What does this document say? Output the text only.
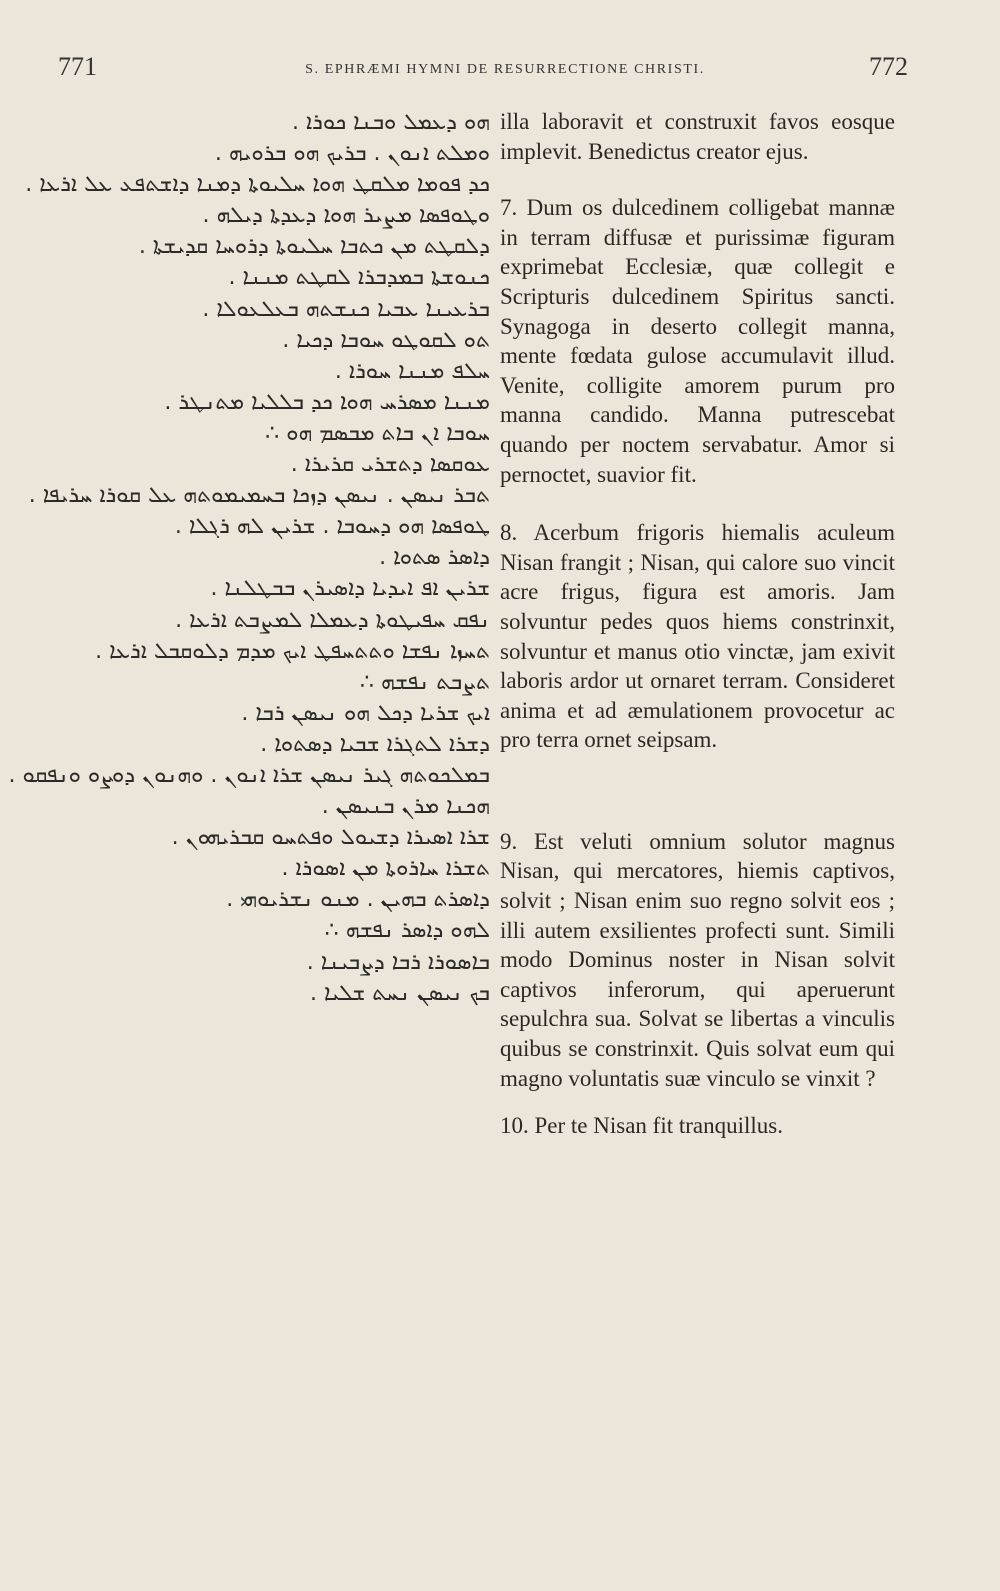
771	S. EPHRÆMI HYMNI DE RESURRECTIONE CHRISTI.	772
ܗܘ ܕܥܡܠ ܘܒܢܐ ܟܘܪܐ .
ܘܡܠܬ ܐܢܘܢ . ܒܪܝܟ ܗܘ ܒܪܘܝܗ .
ܟܕ ܦܘܡܐ ܡܠܩܛ ܗܘܐ ܚܠܝܘܬܐ ܕܡܢܐ ܕܐܫܬܦܥ ܥܠ ܐܪܥܐ .
ܘܛܘܦܣܐ ܡܨܝܪ ܗܘܐ ܕܥܕܬܐ ܕܝܠܗ .
ܕܠܩܛܬ ܡܢ ܟܬܒܐ ܚܠܝܘܬܐ ܕܪܘܚܐ ܩܕܝܫܬܐ .
ܟܢܘܫܬܐ ܒܡܕܒܪܐ ܠܩܛܬ ܡܢܢܐ .
ܒܪܥܝܢܐ ܥܒܝܐ ܟܢܫܬܗ ܒܥܠܥܘܠܐ .
ܬܘ ܠܩܘܛܘ ܚܘܒܐ ܕܟܝܐ .
ܚܠܦ ܡܢܢܐ ܚܘܪܐ .
ܡܢܢܐ ܡܣܪܚ ܗܘܐ ܟܕ ܒܠܠܝܐ ܡܬܢܛܪ .
ܚܘܒܐ ܐܢ ܒܐܬ ܡܒܣܡ ܗܘ ∴
ܥܘܩܣܐ ܕܬܫܪܝ ܩܪܝܪܐ .
ܬܒܪ ܢܝܣܢ . ܢܝܣܢ ܕܙܟܐ ܒܚܡܝܡܘܬܗ ܥܠ ܩܘܪܐ ܚܪܝܦܐ .
ܛܘܦܣܐ ܗܘ ܕܚܘܒܐ . ܫܪܝܢ ܠܗ ܪܓܠܐ .
ܕܐܣܪ ܣܬܘܐ .
ܫܪܝܢ ܐܦ ܐܝܕܝܐ ܕܐܣܝܪܢ ܒܒܛܠܢܐ .
ܢܦܩ ܚܦܝܛܘܬܐ ܕܥܡܠܐ ܠܡܨܒܬ ܐܪܥܐ .
ܬܚܙܐ ܢܦܫܐ ܘܬܬܚܦܛ ܐܝܟ ܡܕܡ ܕܠܘܩܒܠ ܐܪܥܐ .
ܬܨܒܬ ܢܦܫܗ ∴
ܐܝܟ ܫܪܝܐ ܕܟܠ ܗܘ ܢܝܣܢ ܪܒܐ .
ܕܫܪܐ ܠܬܓܪܐ ܫܒܝܐ ܕܣܬܘܐ .
ܒܡܠܟܘܬܗ ܓܝܪ ܢܝܣܢ ܫܪܐ ܐܢܘܢ . ܘܗܢܘܢ ܕܘܨܘ ܘܢܦܩܘ .
ܗܟܢܐ ܡܪܢ ܒܢܝܣܢ .
ܫܪܐ ܐܣܝܪܐ ܕܫܝܘܠ ܘܦܬܚܘ ܩܒܪܝܗܘܢ .
ܬܫܪܐ ܚܐܪܘܬܐ ܡܢ ܐܣܘܪܐ .
ܕܐܣܪܬ ܒܗܝܢ . ܡܢܘ ܢܫܪܝܘܗܝ .
ܠܗܘ ܕܐܣܪ ܢܦܫܗ ∴
ܒܐܣܘܪܐ ܪܒܐ ܕܨܒܝܢܐ .
ܒܟ ܢܝܣܢ ܢܚܬ ܫܠܝܐ .

illa laboravit et construxit favos eosque implevit. Benedictus creator ejus.

7. Dum os dulcedinem colligebat mannæ in terram diffusæ et purissimæ figuram exprimebat Ecclesiæ, quæ collegit e Scripturis dulcedinem Spiritus sancti. Synagoga in deserto collegit manna, mente fœdata gulose accumulavit illud. Venite, colligite amorem purum pro manna candido. Manna putrescebat quando per noctem servabatur. Amor si pernoctet, suavior fit.

8. Acerbum frigoris hiemalis aculeum Nisan frangit ; Nisan, qui calore suo vincit acre frigus, figura est amoris. Jam solvuntur pedes quos hiems constrinxit, solvuntur et manus otio vinctæ, jam exivit laboris ardor ut ornaret terram. Consideret anima et ad æmulationem provocetur ac pro terra ornet seipsam.

9. Est veluti omnium solutor magnus Nisan, qui mercatores, hiemis captivos, solvit ; Nisan enim suo regno solvit eos ; illi autem exsilientes profecti sunt. Simili modo Dominus noster in Nisan solvit captivos inferorum, qui aperuerunt sepulchra sua. Solvat se libertas a vinculis quibus se constrinxit. Quis solvat eum qui magno voluntatis suæ vinculo se vinxit ?

10. Per te Nisan fit tranquillus.
